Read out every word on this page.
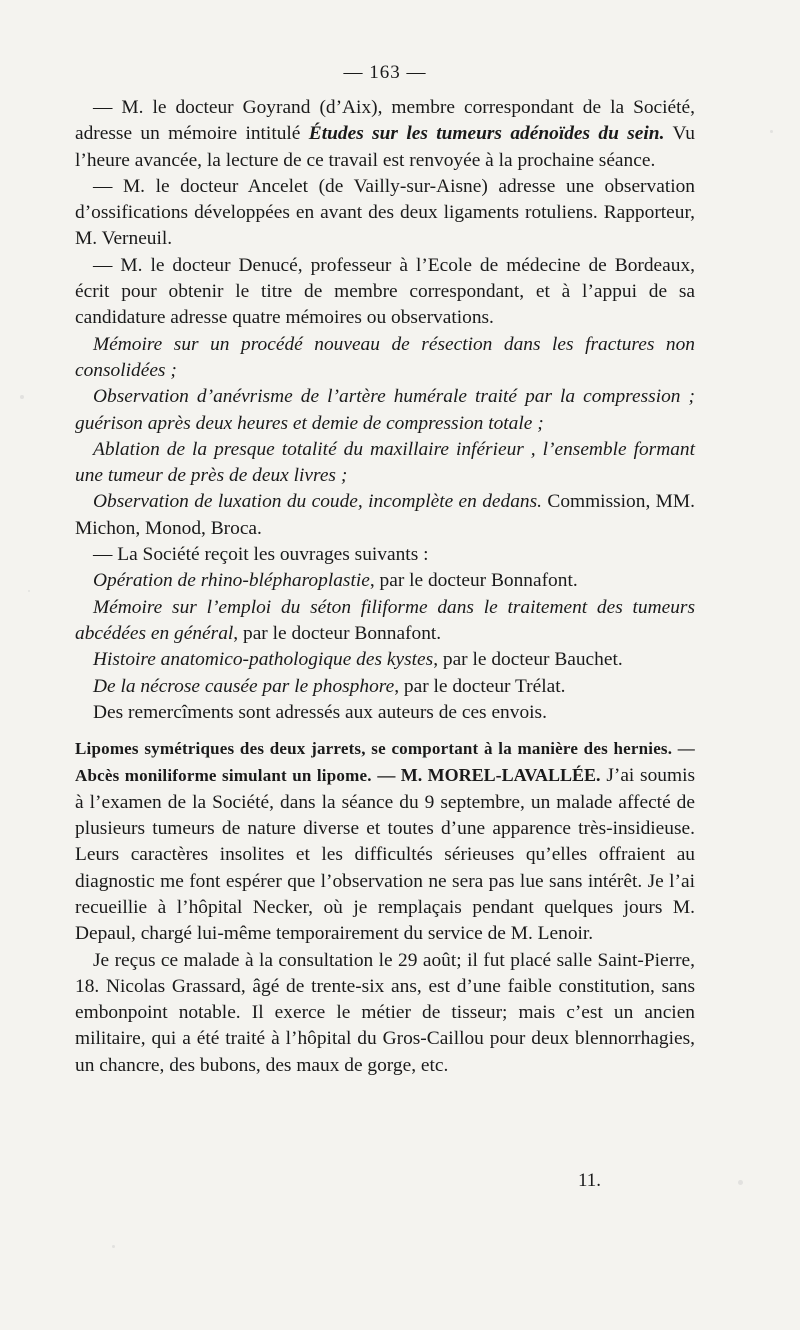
— 163 —

— M. le docteur Goyrand (d’Aix), membre correspondant de la Société, adresse un mémoire intitulé Études sur les tumeurs adénoïdes du sein. Vu l’heure avancée, la lecture de ce travail est renvoyée à la prochaine séance.

— M. le docteur Ancelet (de Vailly-sur-Aisne) adresse une observation d’ossifications développées en avant des deux ligaments rotuliens. Rapporteur, M. Verneuil.

— M. le docteur Denucé, professeur à l’Ecole de médecine de Bordeaux, écrit pour obtenir le titre de membre correspondant, et à l’appui de sa candidature adresse quatre mémoires ou observations.

Mémoire sur un procédé nouveau de résection dans les fractures non consolidées ;

Observation d’anévrisme de l’artère humérale traité par la compression ; guérison après deux heures et demie de compression totale ;

Ablation de la presque totalité du maxillaire inférieur , l’ensemble formant une tumeur de près de deux livres ;

Observation de luxation du coude, incomplète en dedans. Commission, MM. Michon, Monod, Broca.

— La Société reçoit les ouvrages suivants :

Opération de rhino-blépharoplastie, par le docteur Bonnafont.

Mémoire sur l’emploi du séton filiforme dans le traitement des tumeurs abcédées en général, par le docteur Bonnafont.

Histoire anatomico-pathologique des kystes, par le docteur Bauchet.

De la nécrose causée par le phosphore, par le docteur Trélat.

Des remercîments sont adressés aux auteurs de ces envois.

Lipomes symétriques des deux jarrets, se comportant à la manière des hernies. — Abcès moniliforme simulant un lipome. — M. MOREL-LAVALLÉE. J’ai soumis à l’examen de la Société, dans la séance du 9 septembre, un malade affecté de plusieurs tumeurs de nature diverse et toutes d’une apparence très-insidieuse. Leurs caractères insolites et les difficultés sérieuses qu’elles offraient au diagnostic me font espérer que l’observation ne sera pas lue sans intérêt. Je l’ai recueillie à l’hôpital Necker, où je remplaçais pendant quelques jours M. Depaul, chargé lui-même temporairement du service de M. Lenoir.

Je reçus ce malade à la consultation le 29 août; il fut placé salle Saint-Pierre, 18. Nicolas Grassard, âgé de trente-six ans, est d’une faible constitution, sans embonpoint notable. Il exerce le métier de tisseur; mais c’est un ancien militaire, qui a été traité à l’hôpital du Gros-Caillou pour deux blennorrhagies, un chancre, des bubons, des maux de gorge, etc.

11.
